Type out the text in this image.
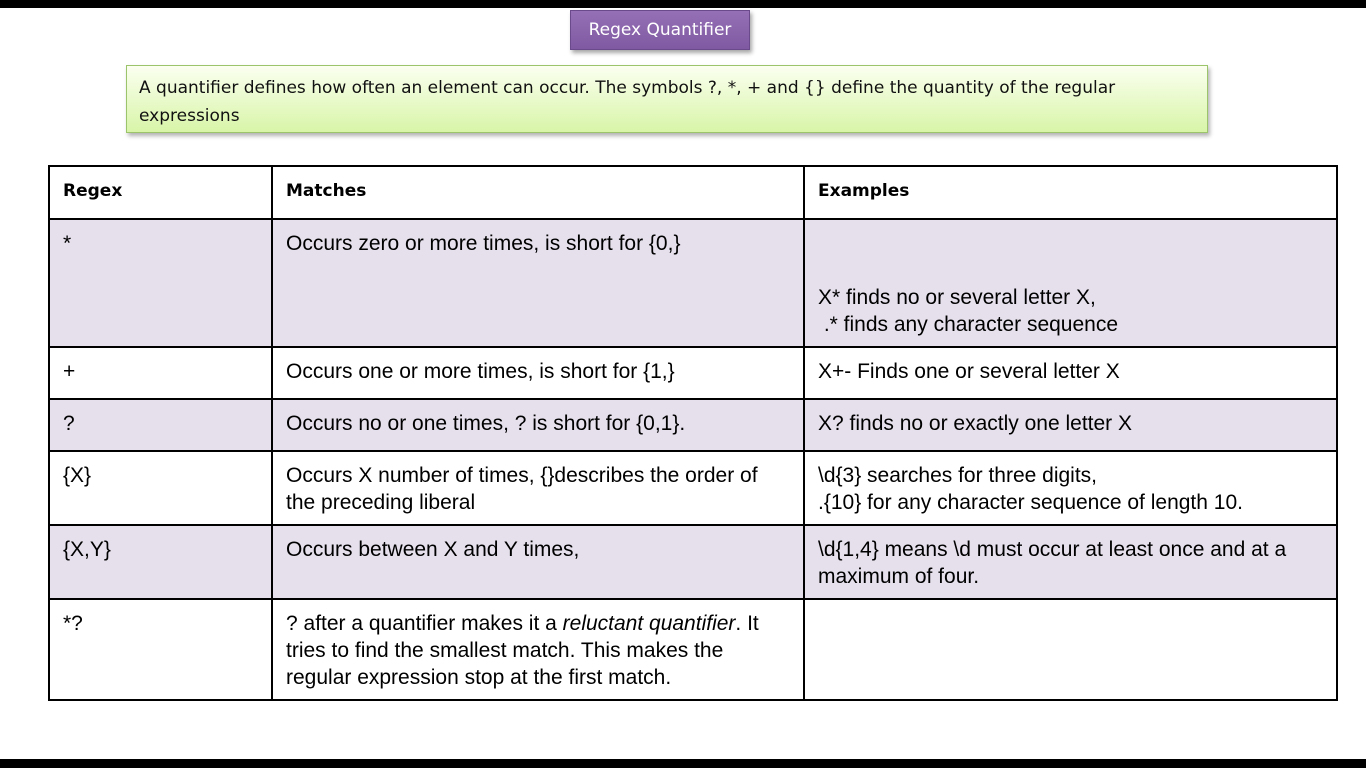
Regex Quantifier
A quantifier defines how often an element can occur. The symbols ?, *, + and {} define the quantity of the regular expressions
Regex	Matches	Examples
*	Occurs zero or more times, is short for {0,}	X* finds no or several letter X,
.* finds any character sequence

+	Occurs one or more times, is short for {1,}	X+- Finds one or several letter X

?	Occurs no or one times, ? is short for {0,1}.	X? finds no or exactly one letter X

{X}	Occurs X number of times, {}describes the order of the preceding liberal	\d{3} searches for three digits,
.{10} for any character sequence of length 10.

{X,Y}	Occurs between X and Y times,	\d{1,4} means \d must occur at least once and at a maximum of four.

*?	? after a quantifier makes it a reluctant quantifier. It tries to find the smallest match. This makes the regular expression stop at the first match.	
